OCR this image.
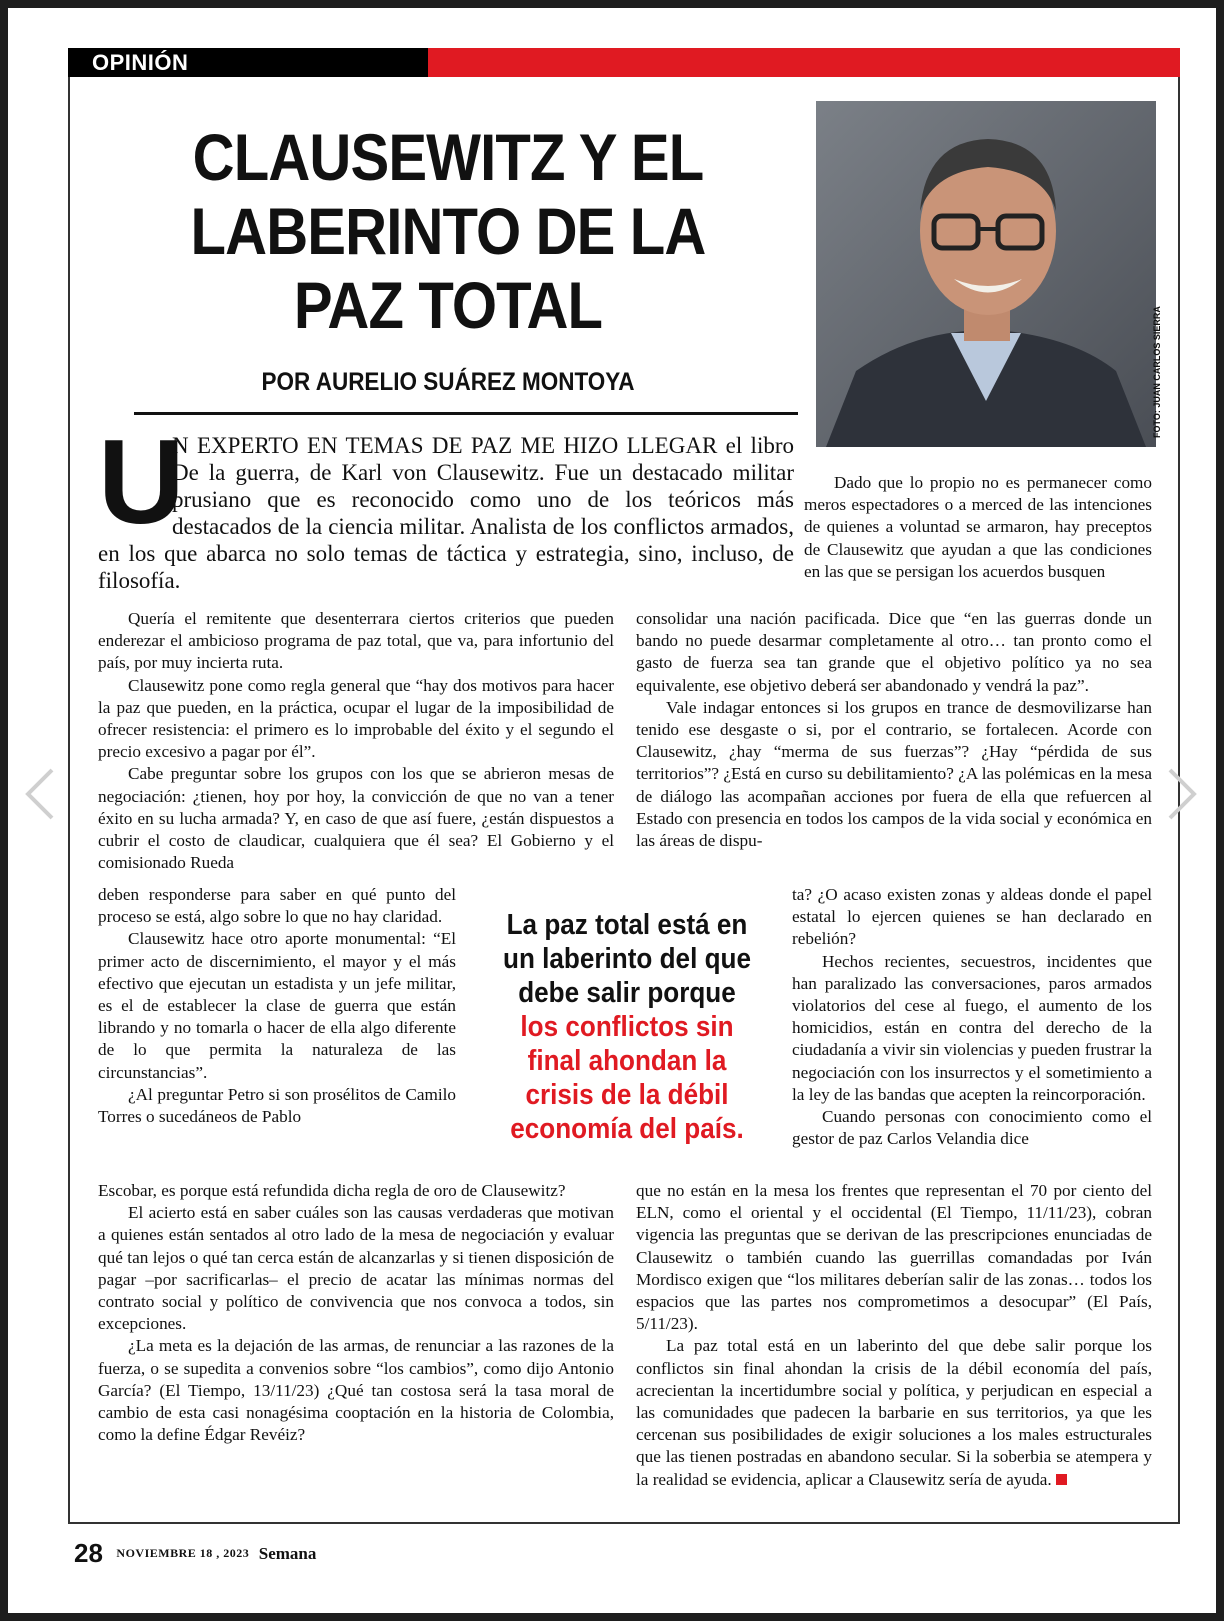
OPINIÓN
CLAUSEWITZ Y EL LABERINTO DE LA PAZ TOTAL
POR AURELIO SUÁREZ MONTOYA	FOTO: JUAN CARLOS SIERRA
U
N EXPERTO EN TEMAS DE PAZ ME HIZO LLEGAR el libro De la guerra, de Karl von Clausewitz. Fue un destacado militar prusiano que es reconocido como uno de los teóricos más destacados de la ciencia militar. Analista de los conflictos armados, en los que abarca no solo temas de táctica y estrategia, sino, incluso, de filosofía.

Dado que lo propio no es permanecer como meros espectadores o a merced de las intenciones de quienes a voluntad se armaron, hay preceptos de Clausewitz que ayudan a que las condiciones en las que se persigan los acuerdos busquen

Quería el remitente que desenterrara ciertos criterios que pueden enderezar el ambicioso programa de paz total, que va, para infortunio del país, por muy incierta ruta.

Clausewitz pone como regla general que “hay dos motivos para hacer la paz que pueden, en la práctica, ocupar el lugar de la imposibilidad de ofrecer resistencia: el primero es lo improbable del éxito y el segundo el precio excesivo a pagar por él”.

Cabe preguntar sobre los grupos con los que se abrieron mesas de negociación: ¿tienen, hoy por hoy, la convicción de que no van a tener éxito en su lucha armada? Y, en caso de que así fuere, ¿están dispuestos a cubrir el costo de claudicar, cualquiera que él sea? El Gobierno y el comisionado Rueda

consolidar una nación pacificada. Dice que “en las guerras donde un bando no puede desarmar completamente al otro… tan pronto como el gasto de fuerza sea tan grande que el objetivo político ya no sea equivalente, ese objetivo deberá ser abandonado y vendrá la paz”.

Vale indagar entonces si los grupos en trance de desmovilizarse han tenido ese desgaste o si, por el contrario, se fortalecen. Acorde con Clausewitz, ¿hay “merma de sus fuerzas”? ¿Hay “pérdida de sus territorios”? ¿Está en curso su debilitamiento? ¿A las polémicas en la mesa de diálogo las acompañan acciones por fuera de ella que refuercen al Estado con presencia en todos los campos de la vida social y económica en las áreas de dispu-

deben responderse para saber en qué punto del proceso se está, algo sobre lo que no hay claridad.

Clausewitz hace otro aporte monumental: “El primer acto de discernimiento, el mayor y el más efectivo que ejecutan un estadista y un jefe militar, es el de establecer la clase de guerra que están librando y no tomarla o hacer de ella algo diferente de lo que permita la naturaleza de las circunstancias”.

¿Al preguntar Petro si son prosélitos de Camilo Torres o sucedáneos de Pablo

ta? ¿O acaso existen zonas y aldeas donde el papel estatal lo ejercen quienes se han declarado en rebelión?

Hechos recientes, secuestros, incidentes que han paralizado las conversaciones, paros armados violatorios del cese al fuego, el aumento de los homicidios, están en contra del derecho de la ciudadanía a vivir sin violencias y pueden frustrar la negociación con los insurrectos y el sometimiento a la ley de las bandas que acepten la reincorporación.

Cuando personas con conocimiento como el gestor de paz Carlos Velandia dice

La paz total está en un laberinto del que debe salir porque
los conflictos sin final ahondan la crisis de la débil economía del país.

Escobar, es porque está refundida dicha regla de oro de Clausewitz?

El acierto está en saber cuáles son las causas verdaderas que motivan a quienes están sentados al otro lado de la mesa de negociación y evaluar qué tan lejos o qué tan cerca están de alcanzarlas y si tienen disposición de pagar –por sacrificarlas– el precio de acatar las mínimas normas del contrato social y político de convivencia que nos convoca a todos, sin excepciones.

¿La meta es la dejación de las armas, de renunciar a las razones de la fuerza, o se supedita a convenios sobre “los cambios”, como dijo Antonio García? (El Tiempo, 13/11/23) ¿Qué tan costosa será la tasa moral de cambio de esta casi nonagésima cooptación en la historia de Colombia, como la define Édgar Revéiz?

que no están en la mesa los frentes que representan el 70 por ciento del ELN, como el oriental y el occidental (El Tiempo, 11/11/23), cobran vigencia las preguntas que se derivan de las prescripciones enunciadas de Clausewitz o también cuando las guerrillas comandadas por Iván Mordisco exigen que “los militares deberían salir de las zonas… todos los espacios que las partes nos comprometimos a desocupar” (El País, 5/11/23).

La paz total está en un laberinto del que debe salir porque los conflictos sin final ahondan la crisis de la débil economía del país, acrecientan la incertidumbre social y política, y perjudican en especial a las comunidades que padecen la barbarie en sus territorios, ya que les cercenan sus posibilidades de exigir soluciones a los males estructurales que las tienen postradas en abandono secular. Si la soberbia se atempera y la realidad se evidencia, aplicar a Clausewitz sería de ayuda.

28 NOVIEMBRE 18 , 2023 Semana
